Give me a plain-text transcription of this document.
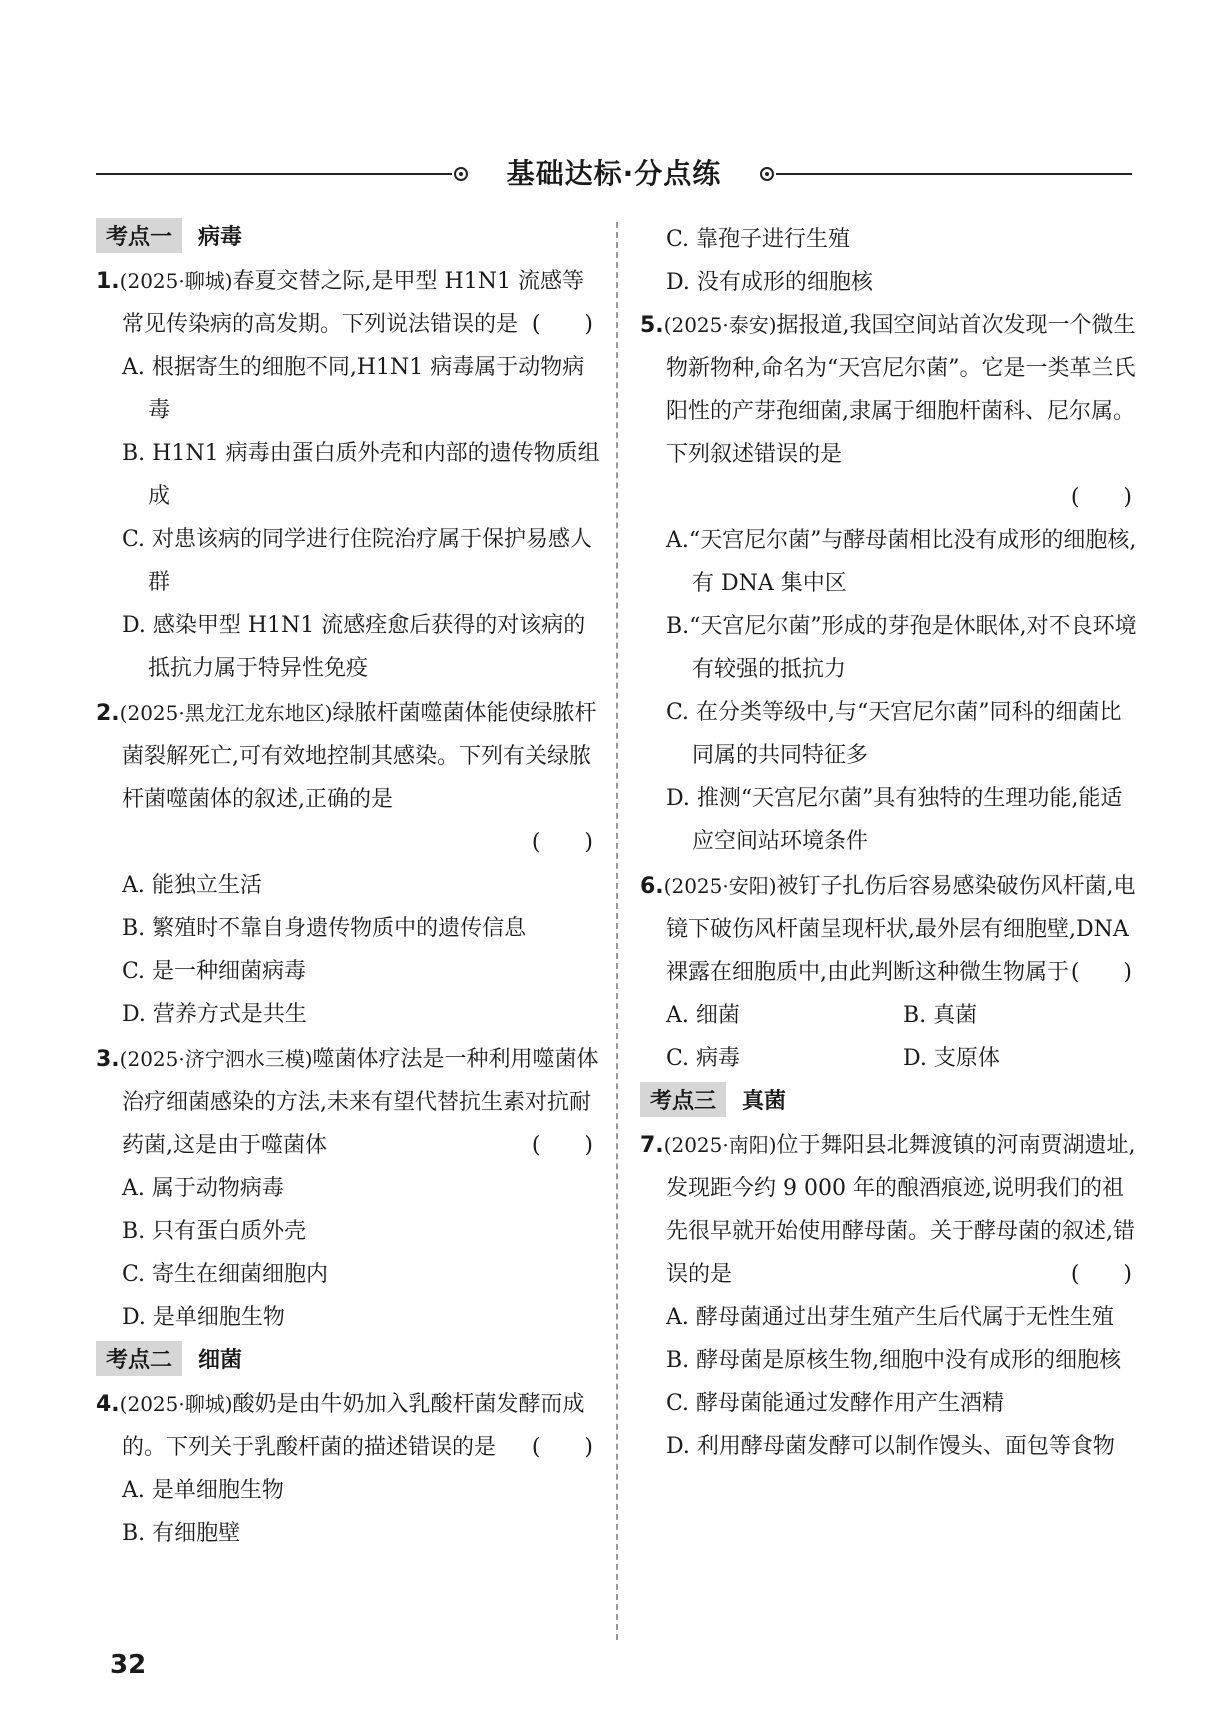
基础达标·分点练
考点一	病毒
1.(2025·聊城)春夏交替之际,是甲型 H1N1 流感等常见传染病的高发期。下列说法错误的是 (　　)
A. 根据寄生的细胞不同,H1N1 病毒属于动物病毒
B. H1N1 病毒由蛋白质外壳和内部的遗传物质组成
C. 对患该病的同学进行住院治疗属于保护易感人群
D. 感染甲型 H1N1 流感痊愈后获得的对该病的抵抗力属于特异性免疫
2.(2025·黑龙江龙东地区)绿脓杆菌噬菌体能使绿脓杆菌裂解死亡,可有效地控制其感染。下列有关绿脓杆菌噬菌体的叙述,正确的是
(　　)
A. 能独立生活
B. 繁殖时不靠自身遗传物质中的遗传信息
C. 是一种细菌病毒
D. 营养方式是共生
3.(2025·济宁泗水三模)噬菌体疗法是一种利用噬菌体治疗细菌感染的方法,未来有望代替抗生素对抗耐药菌,这是由于噬菌体	(　　)
A. 属于动物病毒
B. 只有蛋白质外壳
C. 寄生在细菌细胞内
D. 是单细胞生物
考点二	细菌
4.(2025·聊城)酸奶是由牛奶加入乳酸杆菌发酵而成的。下列关于乳酸杆菌的描述错误的是 (　　)
A. 是单细胞生物
B. 有细胞壁
C. 靠孢子进行生殖
D. 没有成形的细胞核
5.(2025·泰安)据报道,我国空间站首次发现一个微生物新物种,命名为“天宫尼尔菌”。它是一类革兰氏阳性的产芽孢细菌,隶属于细胞杆菌科、尼尔属。下列叙述错误的是
(　　)
A.“天宫尼尔菌”与酵母菌相比没有成形的细胞核,有 DNA 集中区
B.“天宫尼尔菌”形成的芽孢是休眠体,对不良环境有较强的抵抗力
C. 在分类等级中,与“天宫尼尔菌”同科的细菌比同属的共同特征多
D. 推测“天宫尼尔菌”具有独特的生理功能,能适应空间站环境条件
6.(2025·安阳)被钉子扎伤后容易感染破伤风杆菌,电镜下破伤风杆菌呈现杆状,最外层有细胞壁,DNA 裸露在细胞质中,由此判断这种微生物属于 (　　)
A. 细菌	B. 真菌
C. 病毒	D. 支原体
考点三	真菌
7.(2025·南阳)位于舞阳县北舞渡镇的河南贾湖遗址,发现距今约 9 000 年的酿酒痕迹,说明我们的祖先很早就开始使用酵母菌。关于酵母菌的叙述,错误的是	(　　)
A. 酵母菌通过出芽生殖产生后代属于无性生殖
B. 酵母菌是原核生物,细胞中没有成形的细胞核
C. 酵母菌能通过发酵作用产生酒精
D. 利用酵母菌发酵可以制作馒头、面包等食物
32
